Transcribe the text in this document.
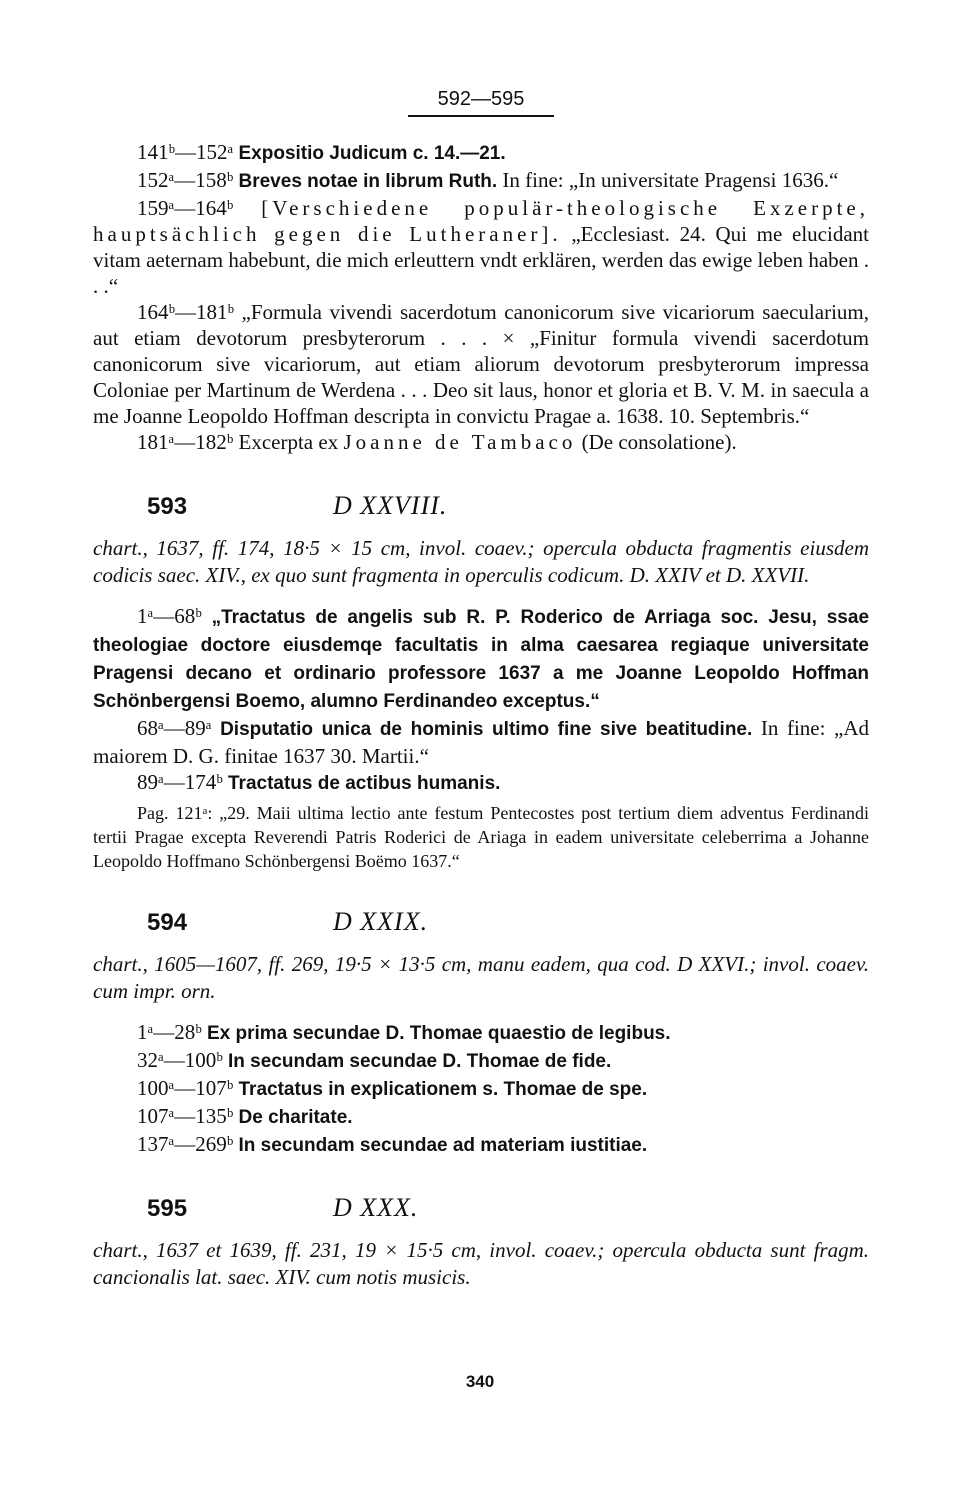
592—595

141ᵇ—152ᵃ Expositio Judicum c. 14.—21.

152ᵃ—158ᵇ Breves notae in librum Ruth. In fine: „In universitate Pragensi 1636.“

159ᵃ—164ᵇ [Verschiedene populär-theologische Exzerpte, hauptsächlich gegen die Lutheraner]. „Ecclesiast. 24. Qui me elucidant vitam aeternam habebunt, die mich erleuttern vndt erklären, werden das ewige leben haben . . .“

164ᵇ—181ᵇ „Formula vivendi sacerdotum canonicorum sive vicariorum saecularium, aut etiam devotorum presbyterorum . . . × „Finitur formula vivendi sacerdotum canonicorum sive vicariorum, aut etiam aliorum devotorum presbyterorum impressa Coloniae per Martinum de Werdena . . . Deo sit laus, honor et gloria et B. V. M. in saecula a me Joanne Leopoldo Hoffman descripta in convictu Pragae a. 1638. 10. Septembris.“

181ᵃ—182ᵇ Excerpta ex Joanne de Tambaco (De consolatione).

593	D XXVIII.

chart., 1637, ff. 174, 18·5 × 15 cm, invol. coaev.; opercula obducta fragmentis eiusdem codicis saec. XIV., ex quo sunt fragmenta in operculis codicum. D. XXIV et D. XXVII.

1ᵃ—68ᵇ „Tractatus de angelis sub R. P. Roderico de Arriaga soc. Jesu, ssae theologiae doctore eiusdemqe facultatis in alma caesarea regiaque universitate Pragensi decano et ordinario professore 1637 a me Joanne Leopoldo Hoffman Schönbergensi Boemo, alumno Ferdinandeo exceptus.“

68ᵃ—89ᵃ Disputatio unica de hominis ultimo fine sive beatitudine. In fine: „Ad maiorem D. G. finitae 1637 30. Martii.“

89ᵃ—174ᵇ Tractatus de actibus humanis.

Pag. 121ᵃ: „29. Maii ultima lectio ante festum Pentecostes post tertium diem adventus Ferdinandi tertii Pragae excepta Reverendi Patris Roderici de Ariaga in eadem universitate celeberrima a Johanne Leopoldo Hoffmano Schönbergensi Boëmo 1637.“

594	D XXIX.

chart., 1605—1607, ff. 269, 19·5 × 13·5 cm, manu eadem, qua cod. D XXVI.; invol. coaev. cum impr. orn.

1ᵃ—28ᵇ Ex prima secundae D. Thomae quaestio de legibus.

32ᵃ—100ᵇ In secundam secundae D. Thomae de fide.

100ᵃ—107ᵇ Tractatus in explicationem s. Thomae de spe.

107ᵃ—135ᵇ De charitate.

137ᵃ—269ᵇ In secundam secundae ad materiam iustitiae.

595	D XXX.

chart., 1637 et 1639, ff. 231, 19 × 15·5 cm, invol. coaev.; opercula obducta sunt fragm. cancionalis lat. saec. XIV. cum notis musicis.

340
